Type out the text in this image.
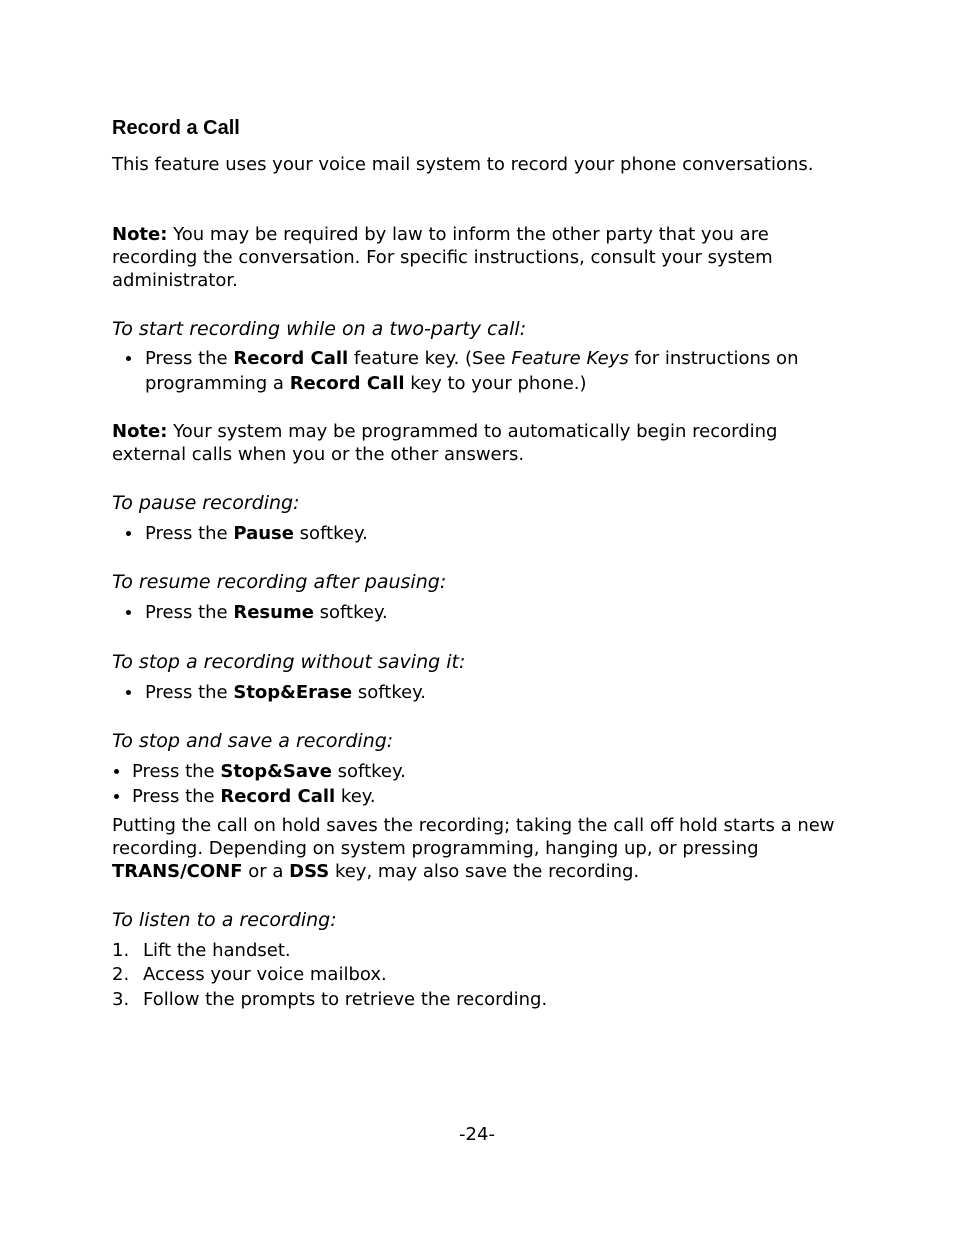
Record a Call
This feature uses your voice mail system to record your phone conversations.
Note: You may be required by law to inform the other party that you are recording the conversation. For specific instructions, consult your system administrator.
To start recording while on a two-party call:
Press the Record Call feature key. (See Feature Keys for instructions on programming a Record Call key to your phone.)
Note: Your system may be programmed to automatically begin recording external calls when you or the other answers.
To pause recording:
Press the Pause softkey.
To resume recording after pausing:
Press the Resume softkey.
To stop a recording without saving it:
Press the Stop&Erase softkey.
To stop and save a recording:
Press the Stop&Save softkey.
Press the Record Call key.
Putting the call on hold saves the recording; taking the call off hold starts a new recording. Depending on system programming, hanging up, or pressing TRANS/CONF or a DSS key, may also save the recording.
To listen to a recording:
1. Lift the handset.
2. Access your voice mailbox.
3. Follow the prompts to retrieve the recording.
-24-
